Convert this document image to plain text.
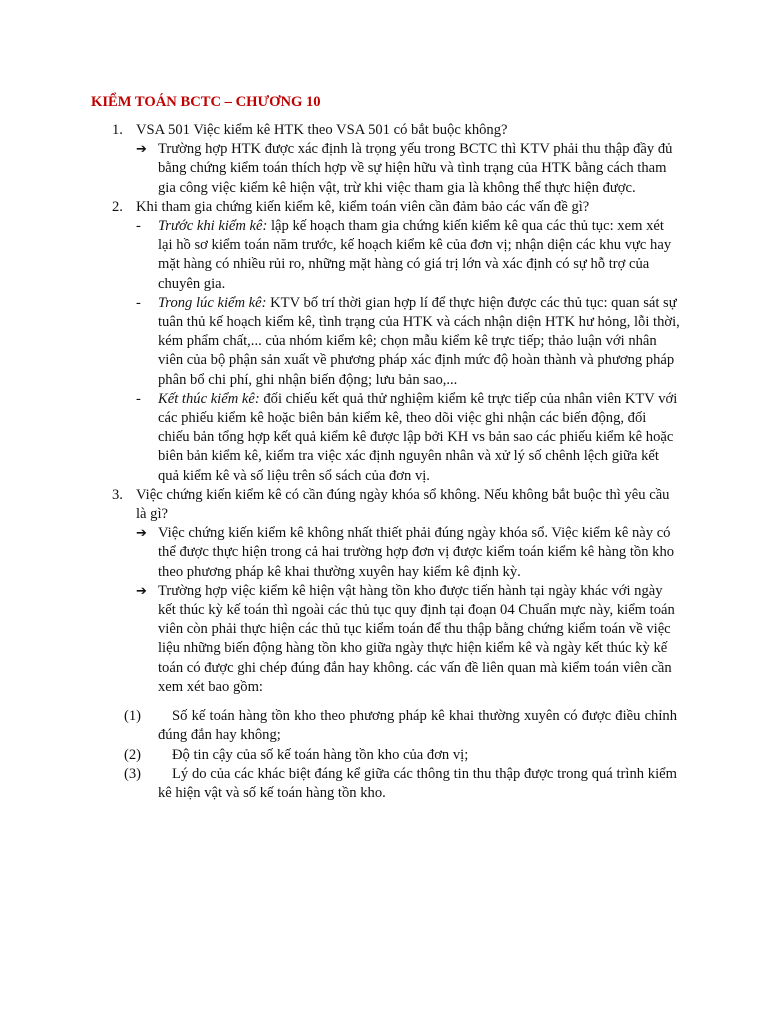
KIỂM TOÁN BCTC – CHƯƠNG 10
1. VSA 501 Việc kiểm kê HTK theo VSA 501 có bắt buộc không?
➔ Trường hợp HTK được xác định là trọng yếu trong BCTC thì KTV phải thu thập đầy đủ bằng chứng kiểm toán thích hợp về sự hiện hữu và tình trạng của HTK bằng cách tham gia công việc kiểm kê hiện vật, trừ khi việc tham gia là không thể thực hiện được.
2. Khi tham gia chứng kiến kiểm kê, kiểm toán viên cần đảm bảo các vấn đề gì?
- Trước khi kiểm kê: lập kế hoạch tham gia chứng kiến kiểm kê qua các thủ tục: xem xét lại hồ sơ kiểm toán năm trước, kế hoạch kiểm kê của đơn vị; nhận diện các khu vực hay mặt hàng có nhiều rủi ro, những mặt hàng có giá trị lớn và xác định có sự hỗ trợ của chuyên gia.
- Trong lúc kiểm kê: KTV bố trí thời gian hợp lí để thực hiện được các thủ tục: quan sát sự tuân thủ kế hoạch kiểm kê, tình trạng của HTK và cách nhận diện HTK hư hỏng, lỗi thời, kém phẩm chất,... của nhóm kiểm kê; chọn mẫu kiểm kê trực tiếp; thảo luận với nhân viên của bộ phận sản xuất về phương pháp xác định mức độ hoàn thành và phương pháp phân bổ chi phí, ghi nhận biến động; lưu bản sao,...
- Kết thúc kiểm kê: đối chiếu kết quả thử nghiệm kiểm kê trực tiếp của nhân viên KTV với các phiếu kiểm kê hoặc biên bản kiểm kê, theo dõi việc ghi nhận các biến động, đối chiếu bản tổng hợp kết quả kiểm kê được lập bởi KH vs bản sao các phiếu kiểm kê hoặc biên bản kiểm kê, kiểm tra việc xác định nguyên nhân và xử lý số chênh lệch giữa kết quả kiểm kê và số liệu trên sổ sách của đơn vị.
3. Việc chứng kiến kiểm kê có cần đúng ngày khóa sổ không. Nếu không bắt buộc thì yêu cầu là gì?
➔ Việc chứng kiến kiểm kê không nhất thiết phải đúng ngày khóa sổ. Việc kiểm kê này có thể được thực hiện trong cả hai trường hợp đơn vị được kiểm toán kiểm kê hàng tồn kho theo phương pháp kê khai thường xuyên hay kiểm kê định kỳ.
➔ Trường hợp việc kiểm kê hiện vật hàng tồn kho được tiến hành tại ngày khác với ngày kết thúc kỳ kế toán thì ngoài các thủ tục quy định tại đoạn 04 Chuẩn mực này, kiểm toán viên còn phải thực hiện các thủ tục kiểm toán để thu thập bằng chứng kiểm toán về việc liệu những biến động hàng tồn kho giữa ngày thực hiện kiểm kê và ngày kết thúc kỳ kế toán có được ghi chép đúng đắn hay không. các vấn đề liên quan mà kiểm toán viên cần xem xét bao gồm:
(1) Số kế toán hàng tồn kho theo phương pháp kê khai thường xuyên có được điều chỉnh đúng đắn hay không;
(2) Độ tin cậy của số kế toán hàng tồn kho của đơn vị;
(3) Lý do của các khác biệt đáng kể giữa các thông tin thu thập được trong quá trình kiểm kê hiện vật và số kế toán hàng tồn kho.
